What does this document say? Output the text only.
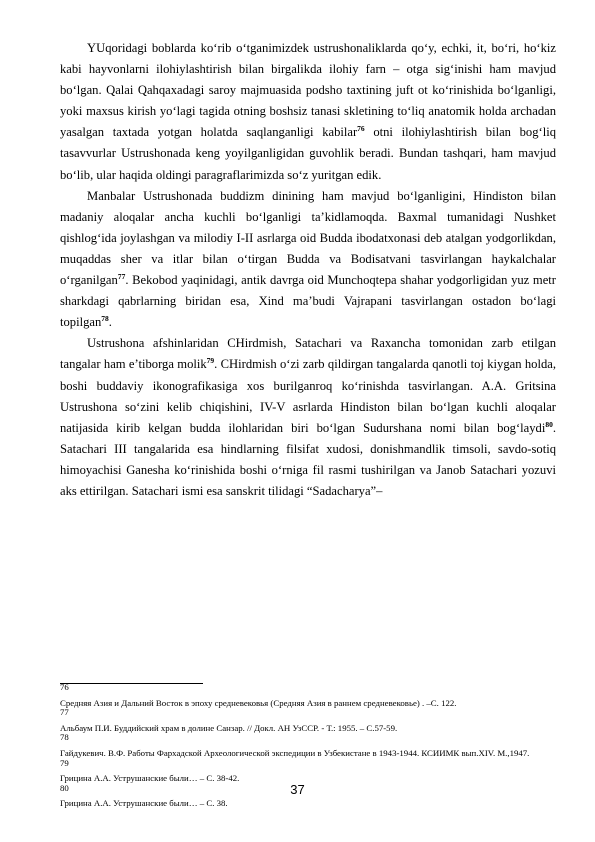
YUqoridagi boblarda ko‘rib o‘tganimizdek ustrushonaliklarda qo‘y, echki, it, bo‘ri, ho‘kiz kabi hayvonlarni ilohiylashtirish bilan birgalikda ilohiy farn – otga sig‘inishi ham mavjud bo‘lgan. Qalai Qahqaxadagi saroy majmuasida podsho taxtining juft ot ko‘rinishida bo‘lganligi, yoki maxsus kirish yo‘lagi tagida otning boshsiz tanasi skletining to‘liq anatomik holda archadan yasalgan taxtada yotgan holatda saqlanganligi kabilar$^{76}$ otni ilohiylashtirish bilan bog‘liq tasavvurlar Ustrushonada keng yoyilganligidan guvohlik beradi. Bundan tashqari, ham mavjud bo‘lib, ular haqida oldingi paragraflarimizda so‘z yuritgan edik.

Manbalar Ustrushonada buddizm dinining ham mavjud bo‘lganligini, Hindiston bilan madaniy aloqalar ancha kuchli bo‘lganligi ta’kidlamoqda. Baxmal tumanidagi Nushket qishlog‘ida joylashgan va milodiy I-II asrlarga oid Budda ibodatxonasi deb atalgan yodgorlikdan, muqaddas sher va itlar bilan o‘tirgan Budda va Bodisatvani tasvirlangan haykalchalar o‘rganilgan$^{77}$. Bekobod yaqinidagi, antik davrga oid Munchoqtepa shahar yodgorligidan yuz metr sharkdagi qabrlarning biridan esa, Xind ma’budi Vajrapani tasvirlangan ostadon bo‘lagi topilgan$^{78}$.

Ustrushona afshinlaridan CHirdmish, Satachari va Raxancha tomonidan zarb etilgan tangalar ham e’tiborga molik$^{79}$. CHirdmish o‘zi zarb qildirgan tangalarda qanotli toj kiygan holda, boshi buddaviy ikonografikasiga xos burilganroq ko‘rinishda tasvirlangan. A.A. Gritsina Ustrushona so‘zini kelib chiqishini, IV-V asrlarda Hindiston bilan bo‘lgan kuchli aloqalar natijasida kirib kelgan budda ilohlaridan biri bo‘lgan Sudurshana nomi bilan bog‘laydi$^{80}$. Satachari III tangalarida esa hindlarning filsifat xudosi, donishmandlik timsoli, savdo-sotiq himoyachisi Ganesha ko‘rinishida boshi o‘rniga fil rasmi tushirilgan va Janob Satachari yozuvi aks ettirilgan. Satachari ismi esa sanskrit tilidagi “Sadacharya”–

76
Средняя Азия и Дальний Восток в эпоху средневековья (Средняя Азия в раннем средневековье) . –С. 122.

77
Альбаум П.И. Буддийский храм в долине Санзар. // Докл. АН УзССР. - Т.: 1955. – С.57-59.

78
Гайдукевич. В.Ф. Работы Фархадской Археологической экспедиции в Узбекистане в 1943-1944. КСИИМК вып.XIV. М.,1947.

79
Грицина А.А. Уструшанские были… – С. 38-42.

80
Грицина А.А. Уструшанские были… – С. 38.

37
